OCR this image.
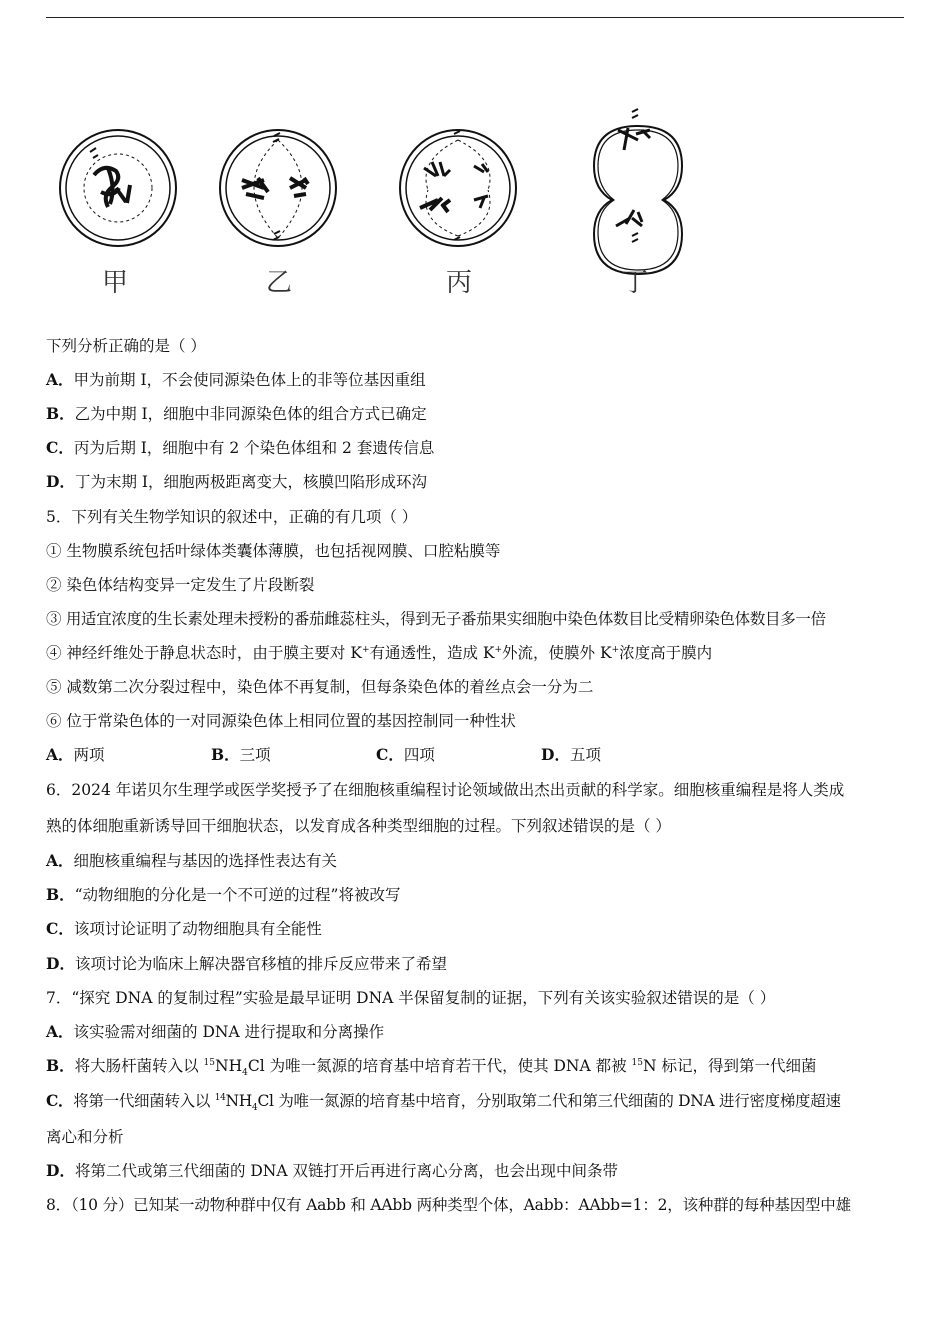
甲	乙	丙	丁
下列分析正确的是（ ）
A．甲为前期 I，不会使同源染色体上的非等位基因重组
B．乙为中期 I，细胞中非同源染色体的组合方式已确定
C．丙为后期 I，细胞中有 2 个染色体组和 2 套遗传信息
D．丁为末期 I，细胞两极距离变大，核膜凹陷形成环沟
5．下列有关生物学知识的叙述中，正确的有几项（ ）
① 生物膜系统包括叶绿体类囊体薄膜，也包括视网膜、口腔粘膜等
② 染色体结构变异一定发生了片段断裂
③ 用适宜浓度的生长素处理未授粉的番茄雌蕊柱头，得到无子番茄果实细胞中染色体数目比受精卵染色体数目多一倍
④ 神经纤维处于静息状态时，由于膜主要对 K+有通透性，造成 K+外流，使膜外 K+浓度高于膜内
⑤ 减数第二次分裂过程中，染色体不再复制，但每条染色体的着丝点会一分为二
⑥ 位于常染色体的一对同源染色体上相同位置的基因控制同一种性状
A．两项	B．三项	C．四项	D．五项
6．2024 年诺贝尔生理学或医学奖授予了在细胞核重编程讨论领域做出杰出贡献的科学家。细胞核重编程是将人类成
熟的体细胞重新诱导回干细胞状态，以发育成各种类型细胞的过程。下列叙述错误的是（ ）
A．细胞核重编程与基因的选择性表达有关
B．“动物细胞的分化是一个不可逆的过程”将被改写
C．该项讨论证明了动物细胞具有全能性
D．该项讨论为临床上解决器官移植的排斥反应带来了希望
7．“探究 DNA 的复制过程”实验是最早证明 DNA 半保留复制的证据，下列有关该实验叙述错误的是（ ）
A．该实验需对细菌的 DNA 进行提取和分离操作
B．将大肠杆菌转入以 $^{15}NH_4Cl$ 为唯一氮源的培育基中培育若干代，使其 DNA 都被 $^{15}$N 标记，得到第一代细菌
C．将第一代细菌转入以 $^{14}NH_4Cl$ 为唯一氮源的培育基中培育，分别取第二代和第三代细菌的 DNA 进行密度梯度超速
离心和分析
D．将第二代或第三代细菌的 DNA 双链打开后再进行离心分离，也会出现中间条带
8．（10 分）已知某一动物种群中仅有 Aabb 和 AAbb 两种类型个体，Aabb：AAbb=1：2，该种群的每种基因型中雄
